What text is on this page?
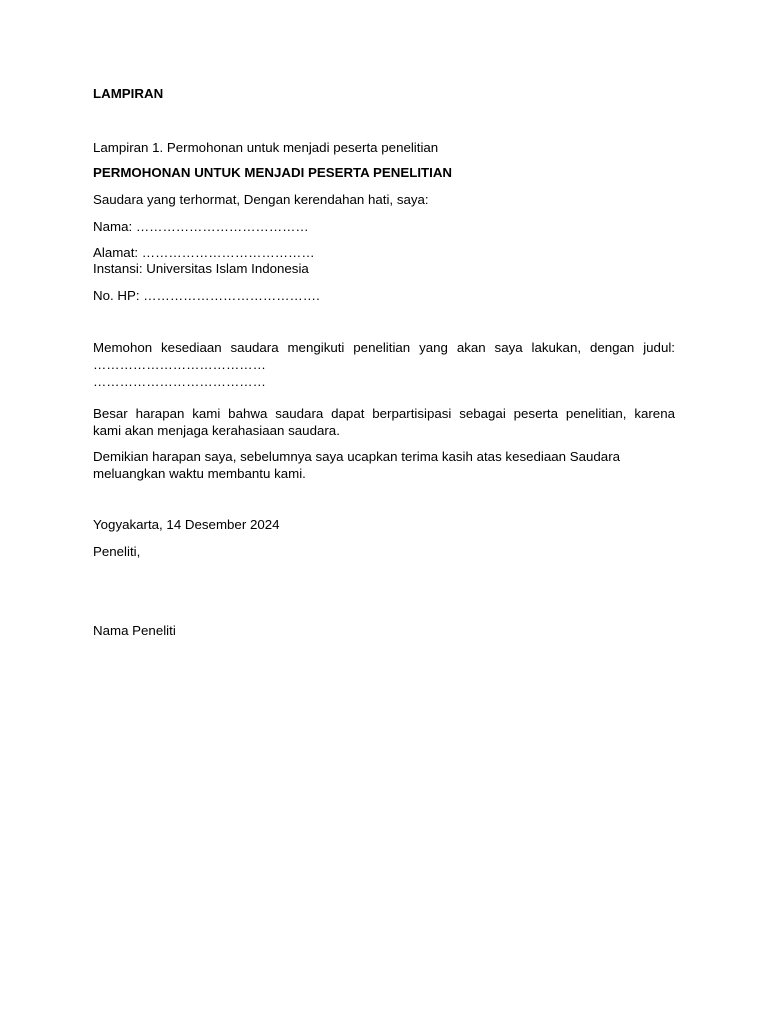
LAMPIRAN

Lampiran 1. Permohonan untuk menjadi peserta penelitian

PERMOHONAN UNTUK MENJADI PESERTA PENELITIAN

Saudara yang terhormat, Dengan kerendahan hati, saya:

Nama: …………………………………

Alamat: …………………………………

Instansi: Universitas Islam Indonesia

No. HP: ………………………………….

Memohon kesediaan saudara mengikuti penelitian yang akan saya lakukan, dengan judul:

…………………………………

…………………………………

Besar harapan kami bahwa saudara dapat berpartisipasi sebagai peserta penelitian, karena

kami akan menjaga kerahasiaan saudara.

Demikian harapan saya, sebelumnya saya ucapkan terima kasih atas kesediaan Saudara

meluangkan waktu membantu kami.

Yogyakarta, 14 Desember 2024

Peneliti,

Nama Peneliti
